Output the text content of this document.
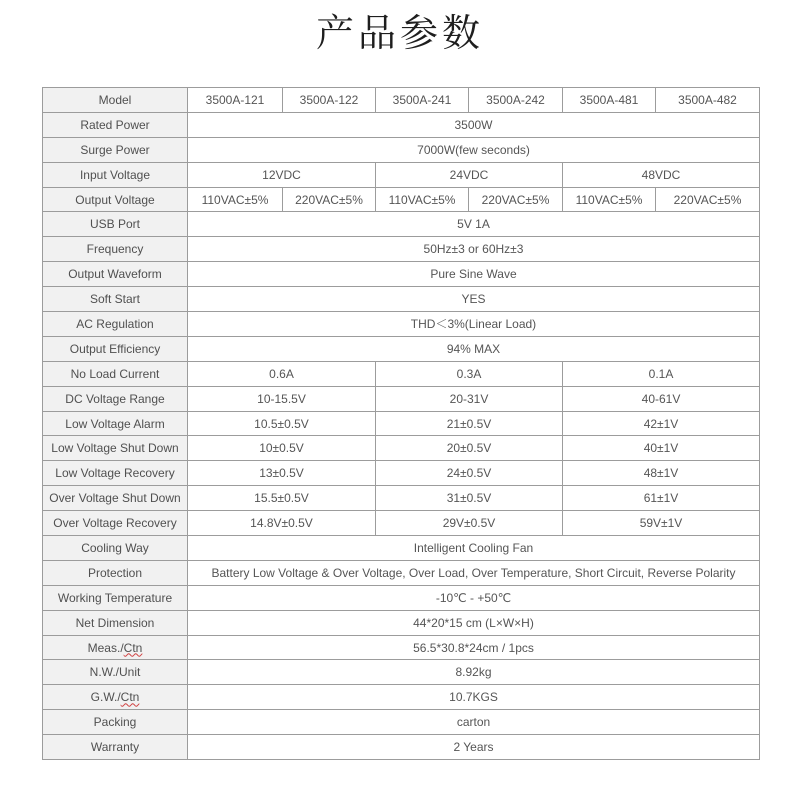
产品参数
Model	3500A-121	3500A-122	3500A-241	3500A-242	3500A-481	3500A-482
Rated Power	3500W					
Surge Power	7000W(few seconds)					
Input Voltage	12VDC		24VDC		48VDC	
Output Voltage	110VAC±5%	220VAC±5%	110VAC±5%	220VAC±5%	110VAC±5%	220VAC±5%
USB Port	5V 1A					
Frequency	50Hz±3 or 60Hz±3					
Output Waveform	Pure Sine Wave					
Soft Start	YES					
AC Regulation	THD＜3%(Linear Load)					
Output Efficiency	94% MAX					
No Load Current	0.6A		0.3A		0.1A	
DC Voltage Range	10-15.5V		20-31V		40-61V	
Low Voltage Alarm	10.5±0.5V		21±0.5V		42±1V	
Low Voltage Shut Down	10±0.5V		20±0.5V		40±1V	
Low Voltage Recovery	13±0.5V		24±0.5V		48±1V	
Over Voltage Shut Down	15.5±0.5V		31±0.5V		61±1V	
Over Voltage Recovery	14.8V±0.5V		29V±0.5V		59V±1V	
Cooling Way	Intelligent Cooling Fan					
Protection	Battery Low Voltage & Over Voltage, Over Load, Over Temperature, Short Circuit, Reverse Polarity					
Working Temperature	-10℃ - +50℃					
Net Dimension	44*20*15 cm (L×W×H)					
Meas./Ctn	56.5*30.8*24cm / 1pcs					
N.W./Unit	8.92kg					
G.W./Ctn	10.7KGS					
Packing	carton					
Warranty	2 Years					
